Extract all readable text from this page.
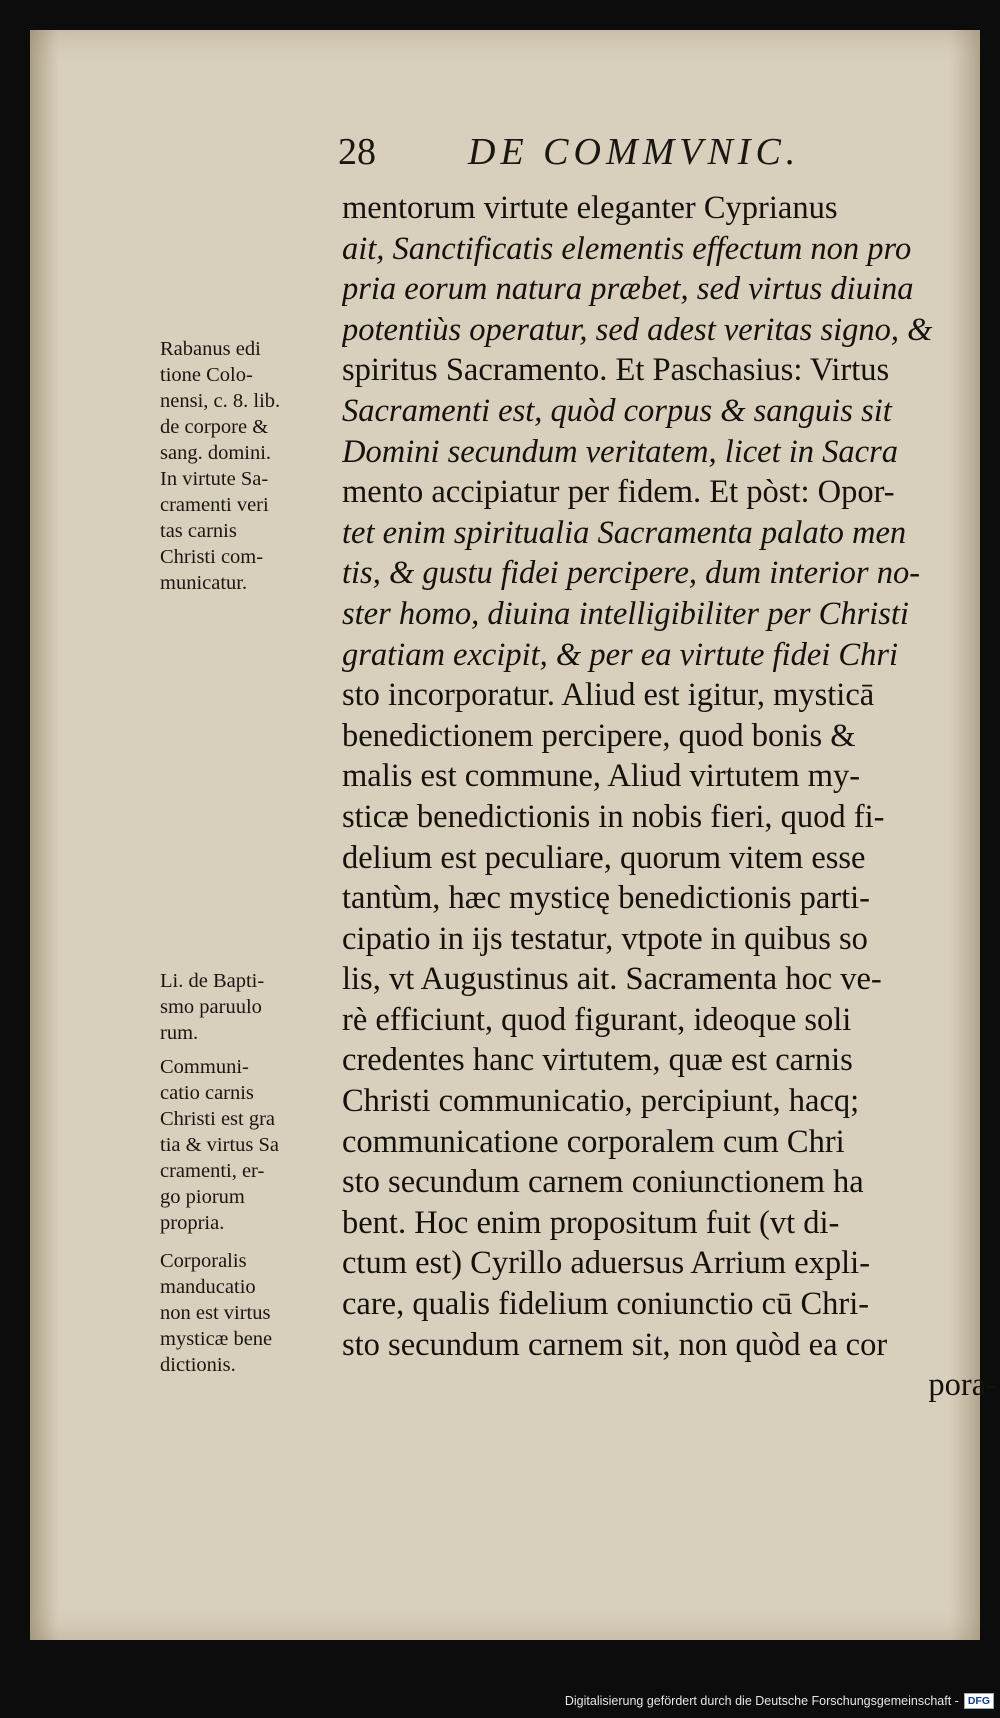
28 DE COMMVNIC.
mentorum virtute eleganter Cyprianus
ait, Sanctificatis elementis effectum non pro
pria eorum natura præbet, sed virtus diuina
potentiùs operatur, sed adest veritas signo, &
spiritus Sacramento. Et Paschasius: Virtus
Sacramenti est, quòd corpus & sanguis sit
Domini secundum veritatem, licet in Sacra
mento accipiatur per fidem. Et pòst: Opor-
tet enim spiritualia Sacramenta palato men
tis, & gustu fidei percipere, dum interior no-
ster homo, diuina intelligibiliter per Christi
gratiam excipit, & per ea virtute fidei Chri
sto incorporatur. Aliud est igitur, mysticā
benedictionem percipere, quod bonis &
malis est commune, Aliud virtutem my-
sticæ benedictionis in nobis fieri, quod fi-
delium est peculiare, quorum vitem esse
tantùm, hæc mysticę benedictionis parti-
cipatio in ijs testatur, vtpote in quibus so
lis, vt Augustinus ait. Sacramenta hoc ve-
rè efficiunt, quod figurant, ideoque soli
credentes hanc virtutem, quæ est carnis
Christi communicatio, percipiunt, hacq;
communicatione corporalem cum Chri
sto secundum carnem coniunctionem ha
bent. Hoc enim propositum fuit (vt di-
ctum est) Cyrillo aduersus Arrium expli-
care, qualis fidelium coniunctio cū Chri-
sto secundum carnem sit, non quòd ea cor
pora-
Rabanus edi
tione Colo-
nensi, c. 8. lib.
de corpore &
sang. domini.
In virtute Sa-
cramenti veri
tas carnis
Christi com-
municatur.
Li. de Bapti-
smo paruulo
rum.
Communi-
catio carnis
Christi est gra
tia & virtus Sa
cramenti, er-
go piorum
propria.
Corporalis
manducatio
non est virtus
mysticæ bene
dictionis.
Digitalisierung gefördert durch die Deutsche Forschungsgemeinschaft - DFG
